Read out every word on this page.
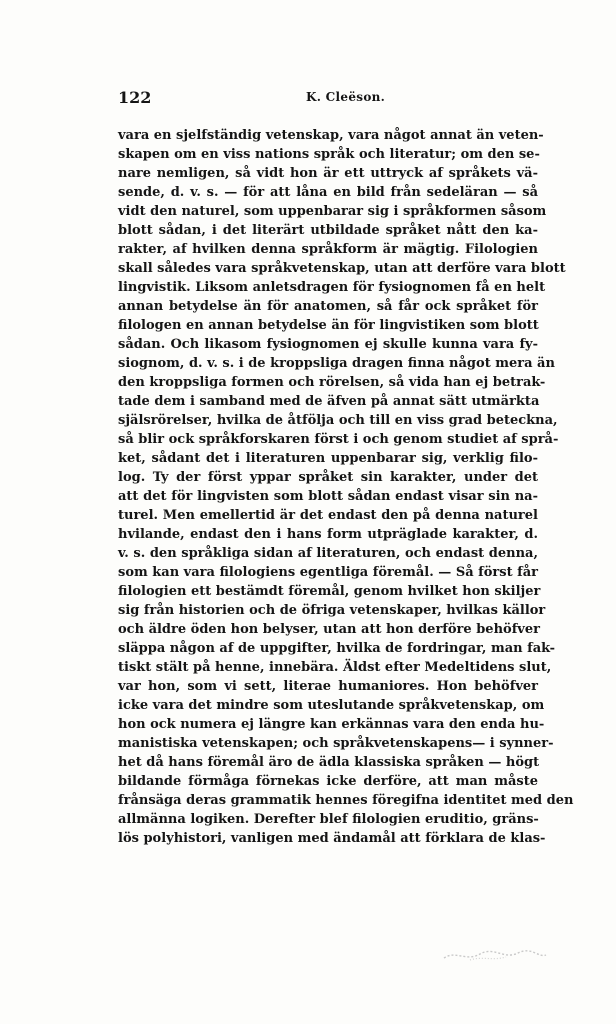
122	K. Cleëson.
vara en sjelfständig vetenskap, vara något annat än veten-
skapen om en viss nations språk och literatur; om den se-
nare nemligen, så vidt hon är ett uttryck af språkets vä-
sende, d. v. s. — för att låna en bild från sedeläran — så
vidt den naturel, som uppenbarar sig i språkformen såsom
blott sådan, i det literärt utbildade språket nått den ka-
rakter, af hvilken denna språkform är mägtig. Filologien
skall således vara språkvetenskap, utan att derföre vara blott
lingvistik. Liksom anletsdragen för fysiognomen få en helt
annan betydelse än för anatomen, så får ock språket för
filologen en annan betydelse än för lingvistiken som blott
sådan. Och likasom fysiognomen ej skulle kunna vara fy-
siognom, d. v. s. i de kroppsliga dragen finna något mera än
den kroppsliga formen och rörelsen, så vida han ej betrak-
tade dem i samband med de äfven på annat sätt utmärkta
själsrörelser, hvilka de åtfölja och till en viss grad beteckna,
så blir ock språkforskaren först i och genom studiet af språ-
ket, sådant det i literaturen uppenbarar sig, verklig filo-
log. Ty der först yppar språket sin karakter, under det
att det för lingvisten som blott sådan endast visar sin na-
turel. Men emellertid är det endast den på denna naturel
hvilande, endast den i hans form utpräglade karakter, d.
v. s. den språkliga sidan af literaturen, och endast denna,
som kan vara filologiens egentliga föremål. — Så först får
filologien ett bestämdt föremål, genom hvilket hon skiljer
sig från historien och de öfriga vetenskaper, hvilkas källor
och äldre öden hon belyser, utan att hon derföre behöfver
släppa någon af de uppgifter, hvilka de fordringar, man fak-
tiskt stält på henne, innebära. Äldst efter Medeltidens slut,
var hon, som vi sett, literae humaniores. Hon behöfver
icke vara det mindre som uteslutande språkvetenskap, om
hon ock numera ej längre kan erkännas vara den enda hu-
manistiska vetenskapen; och språkvetenskapens— i synner-
het då hans föremål äro de ädla klassiska språken — högt
bildande förmåga förnekas icke derföre, att man måste
frånsäga deras grammatik hennes föregifna identitet med den
allmänna logiken. Derefter blef filologien eruditio, gräns-
lös polyhistori, vanligen med ändamål att förklara de klas-
